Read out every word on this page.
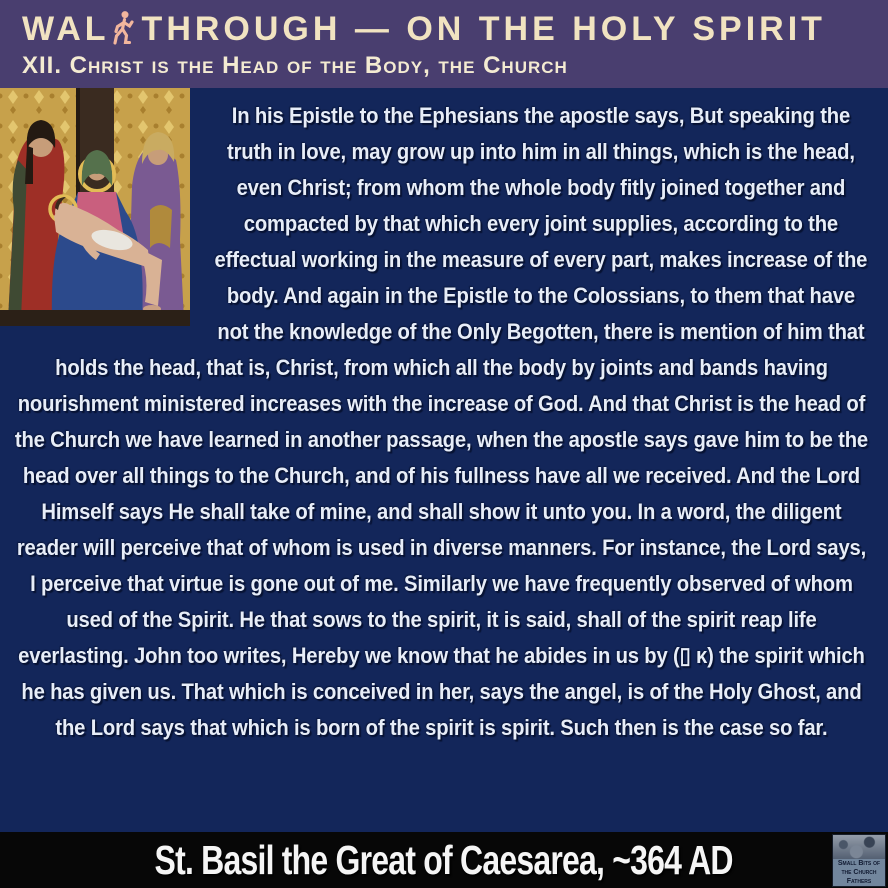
WAL THROUGH — ON THE HOLY SPIRIT
XII. Christ is the Head of the Body, the Church

In his Epistle to the Ephesians the apostle says, But speaking the truth in love, may grow up into him in all things, which is the head, even Christ; from whom the whole body fitly joined together and compacted by that which every joint supplies, according to the effectual working in the measure of every part, makes increase of the body. And again in the Epistle to the Colossians, to them that have not the knowledge of the Only Begotten, there is mention of him that holds the head, that is, Christ, from which all the body by joints and bands having nourishment ministered increases with the increase of God. And that Christ is the head of the Church we have learned in another passage, when the apostle says gave him to be the head over all things to the Church, and of his fullness have all we received. And the Lord Himself says He shall take of mine, and shall show it unto you. In a word, the diligent reader will perceive that of whom is used in diverse manners. For instance, the Lord says, I perceive that virtue is gone out of me. Similarly we have frequently observed of whom used of the Spirit. He that sows to the spirit, it is said, shall of the spirit reap life everlasting. John too writes, Hereby we know that he abides in us by (▯ κ) the spirit which he has given us. That which is conceived in her, says the angel, is of the Holy Ghost, and the Lord says that which is born of the spirit is spirit. Such then is the case so far.

St. Basil the Great of Caesarea, ~364 AD	Small Bits of
the Church
Fathers
